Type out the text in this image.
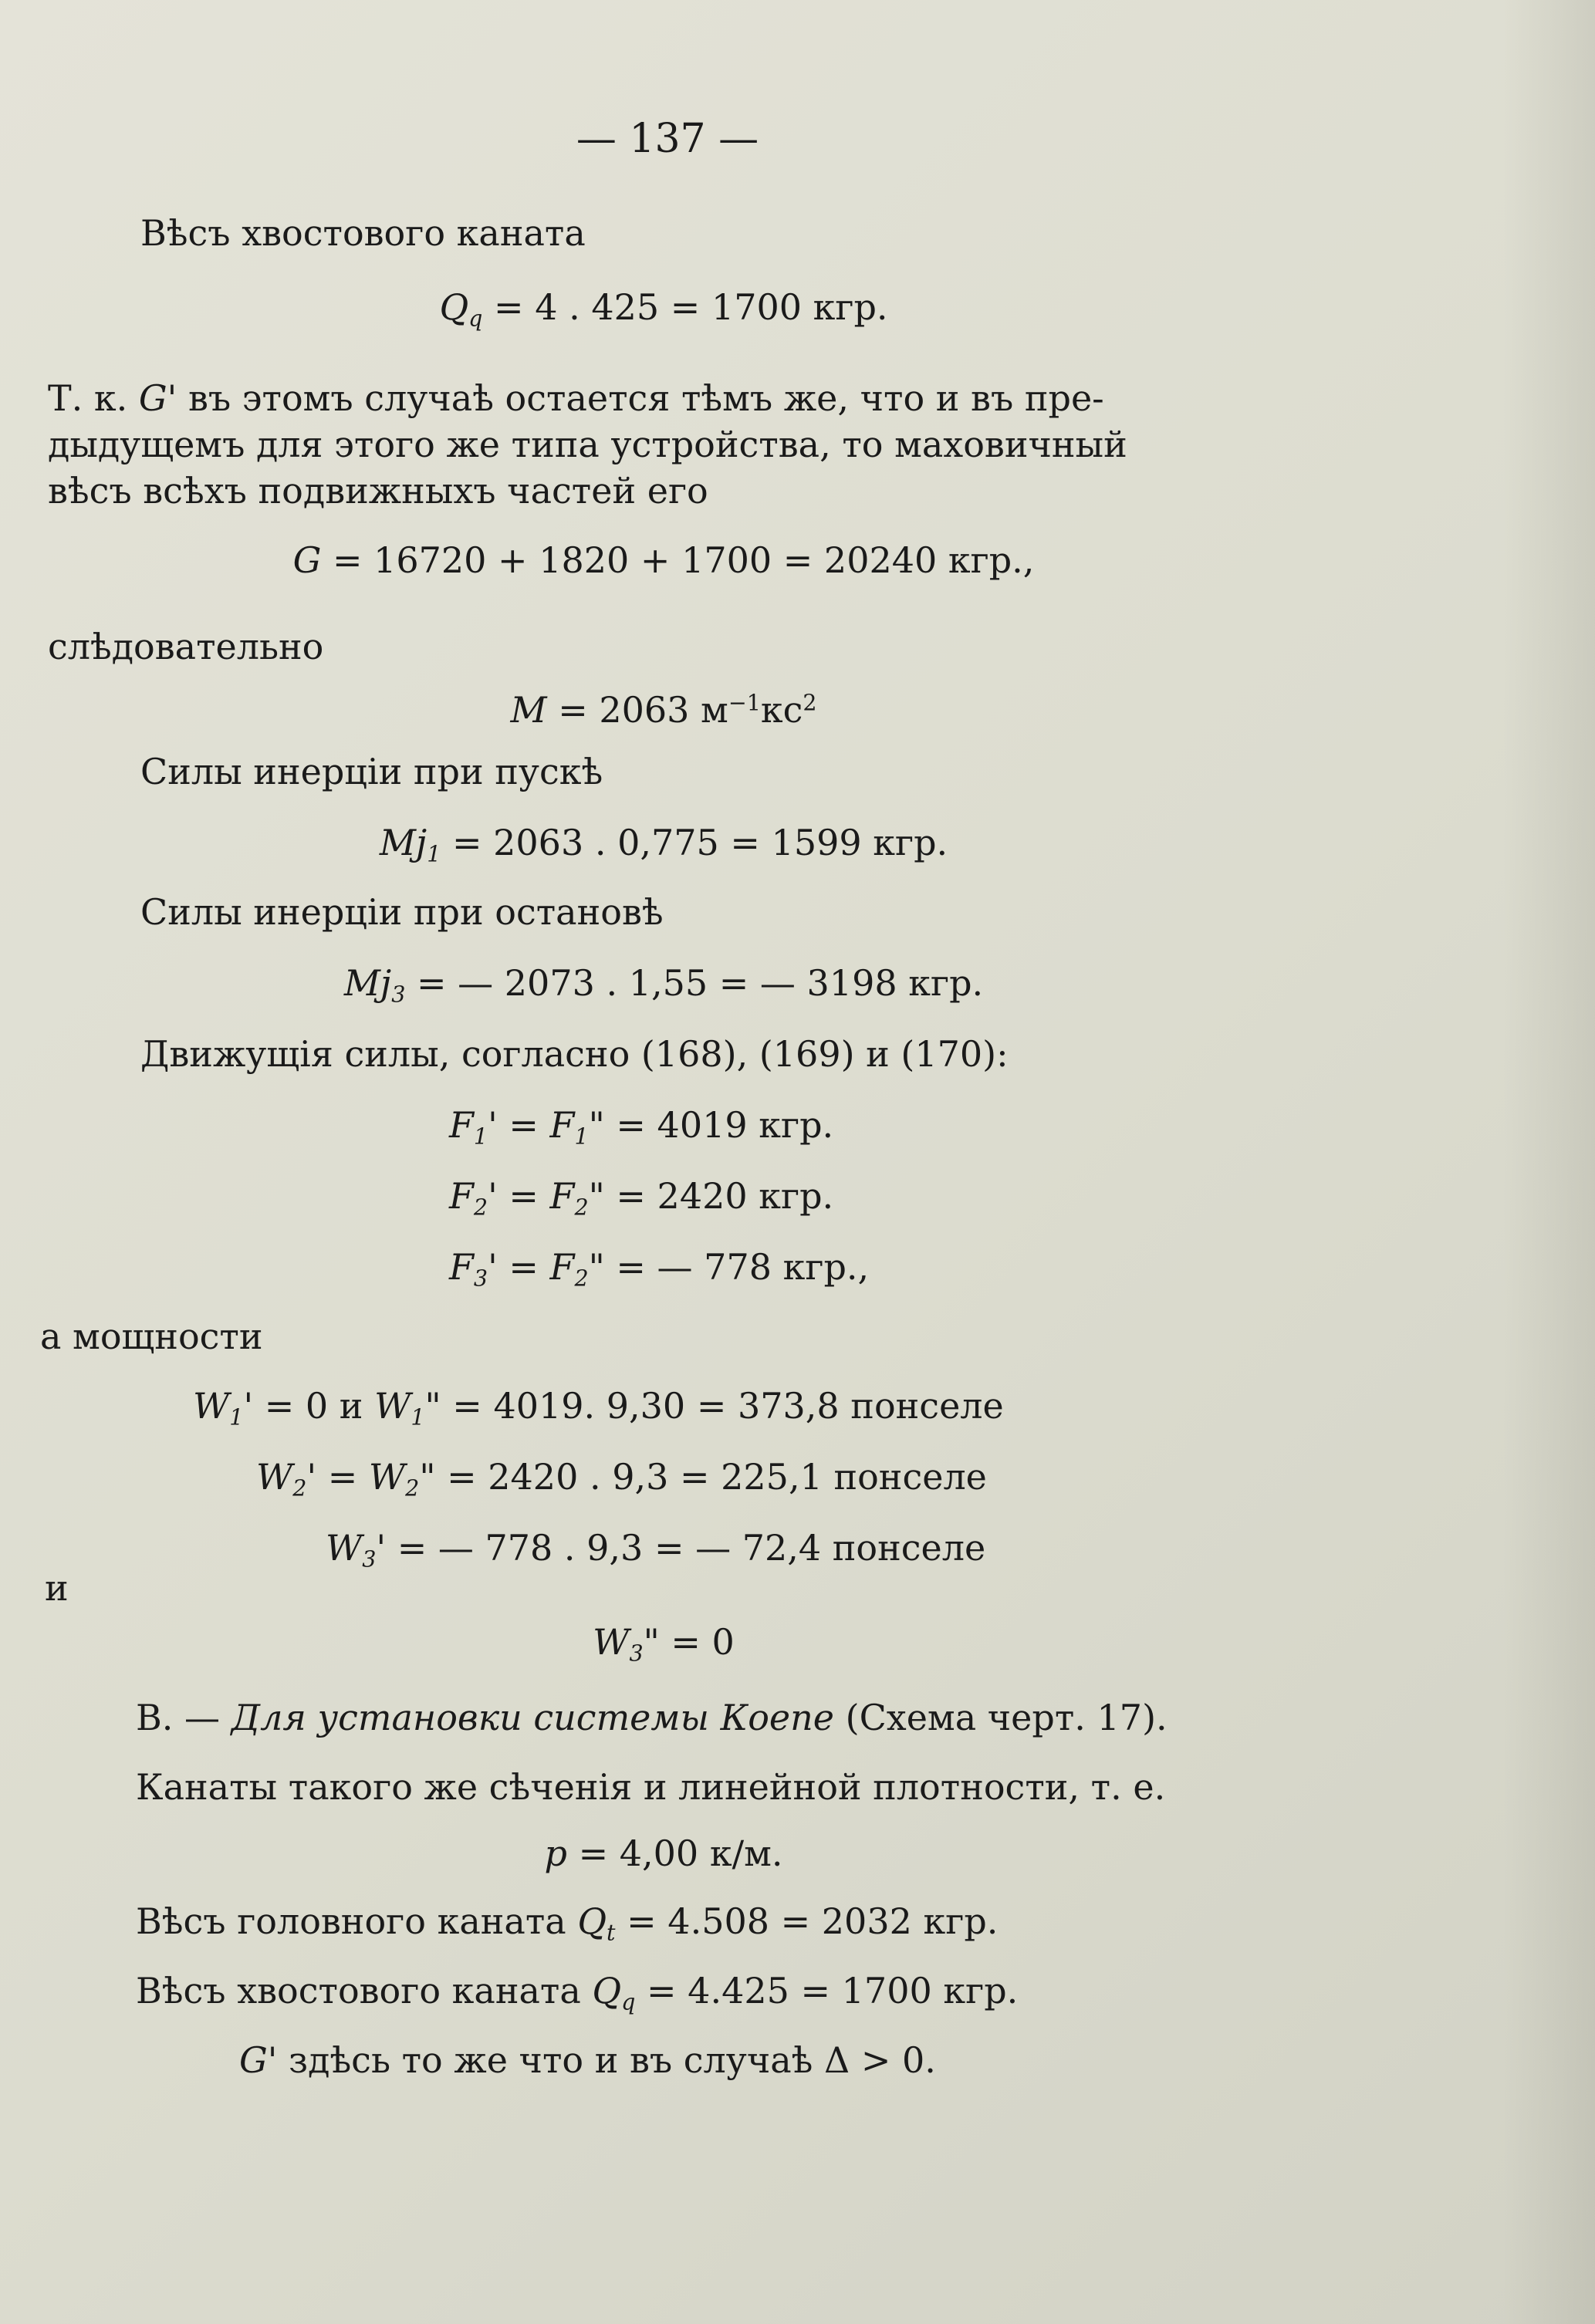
— 137 —
Вѣсъ хвостового каната
$Q_q = 4$ . 425 = 1700 кгр.
Т. к. G' въ этомъ случаѣ остается тѣмъ же, что и въ пре-
дыдущемъ для этого же типа устройства, то маховичный
вѣсъ всѣхъ подвижныхъ частей его
G = 16720 + 1820 + 1700 = 20240 кгр.,
слѣдовательно
M = 2063 $м^{-1}кс^2$
Силы инерціи при пускѣ
$Mj_1 = 2063$ . 0,775 = 1599 кгр.
Силы инерціи при остановѣ
$Mj_3$ = — 2073 . 1,55 = — 3198 кгр.
Движущія силы, согласно (168), (169) и (170):
$F_1' = F_1$" = 4019 кгр.
$F_2' = F_2$" = 2420 кгр.
$F_3' = F_2$" = — 778 кгр.,
а мощности
$W_1' = 0$ и $W_1$" = 4019. 9,30 = 373,8 понселе
$W_2' = W_2$" = 2420 . 9,3 = 225,1 понселе
$W_3'$ = — 778 . 9,3 = — 72,4 понселе
и
$W_3$" = 0
В. — Для установки системы Коепе (Схема черт. 17).
Канаты такого же сѣченія и линейной плотности, т. е.
p = 4,00 к/м.
Вѣсъ головного каната $Q_t = 4.508 = 2032$ кгр.
Вѣсъ хвостового каната $Q_q = 4.425 = 1700$ кгр.
G' здѣсь то же что и въ случаѣ Δ > 0.
